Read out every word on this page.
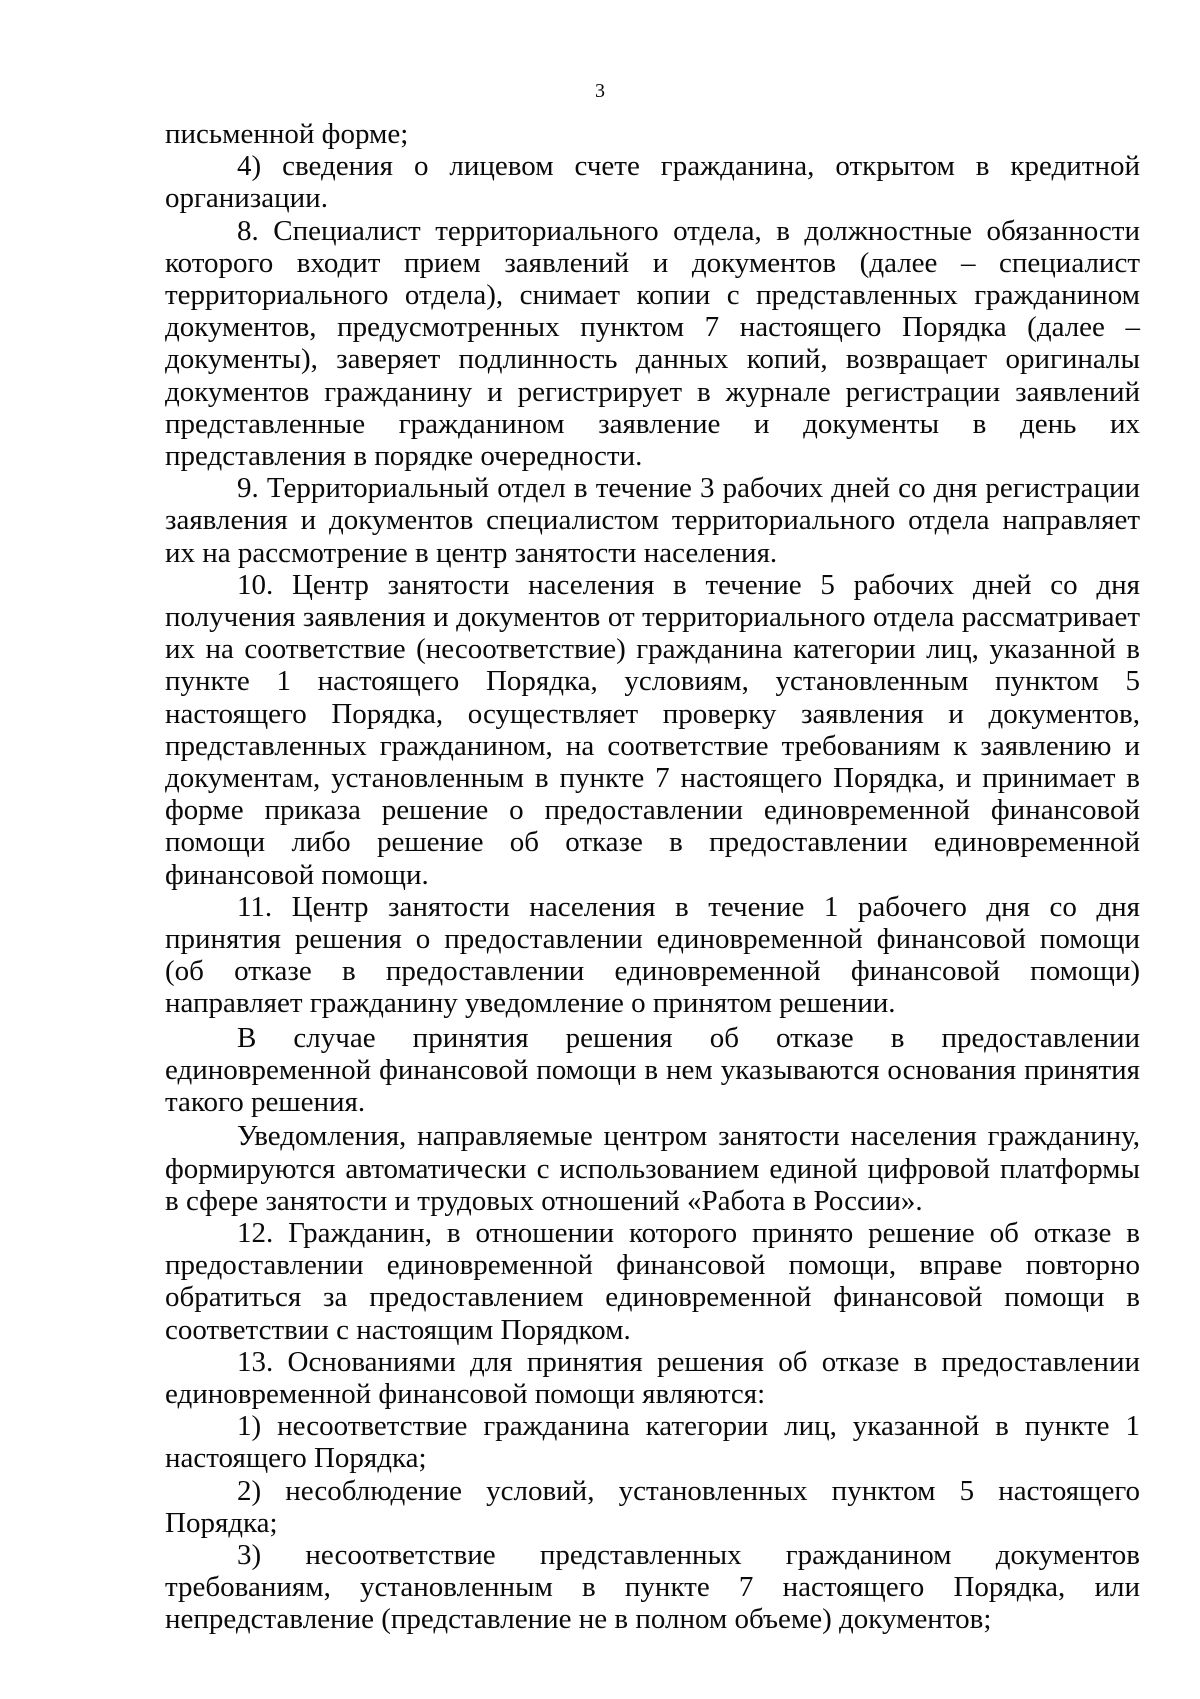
3

письменной форме;

4) сведения о лицевом счете гражданина, открытом в кредитной организации.

8. Специалист территориального отдела, в должностные обязанности которого входит прием заявлений и документов (далее – специалист территориального отдела), снимает копии с представленных гражданином документов, предусмотренных пунктом 7 настоящего Порядка (далее – документы), заверяет подлинность данных копий, возвращает оригиналы документов гражданину и регистрирует в журнале регистрации заявлений представленные гражданином заявление и документы в день их представления в порядке очередности.

9. Территориальный отдел в течение 3 рабочих дней со дня регистрации заявления и документов специалистом территориального отдела направляет их на рассмотрение в центр занятости населения.

10. Центр занятости населения в течение 5 рабочих дней со дня получения заявления и документов от территориального отдела рассматривает их на соответствие (несоответствие) гражданина категории лиц, указанной в пункте 1 настоящего Порядка, условиям, установленным пунктом 5 настоящего Порядка, осуществляет проверку заявления и документов, представленных гражданином, на соответствие требованиям к заявлению и документам, установленным в пункте 7 настоящего Порядка, и принимает в форме приказа решение о предоставлении единовременной финансовой помощи либо решение об отказе в предоставлении единовременной финансовой помощи.

11. Центр занятости населения в течение 1 рабочего дня со дня принятия решения о предоставлении единовременной финансовой помощи (об отказе в предоставлении единовременной финансовой помощи) направляет гражданину уведомление о принятом решении.

В случае принятия решения об отказе в предоставлении единовременной финансовой помощи в нем указываются основания принятия такого решения.

Уведомления, направляемые центром занятости населения гражданину, формируются автоматически с использованием единой цифровой платформы в сфере занятости и трудовых отношений «Работа в России».

12. Гражданин, в отношении которого принято решение об отказе в предоставлении единовременной финансовой помощи, вправе повторно обратиться за предоставлением единовременной финансовой помощи в соответствии с настоящим Порядком.

13. Основаниями для принятия решения об отказе в предоставлении единовременной финансовой помощи являются:

1) несоответствие гражданина категории лиц, указанной в пункте 1 настоящего Порядка;

2) несоблюдение условий, установленных пунктом 5 настоящего Порядка;

3) несоответствие представленных гражданином документов требованиям, установленным в пункте 7 настоящего Порядка, или непредставление (представление не в полном объеме) документов;
